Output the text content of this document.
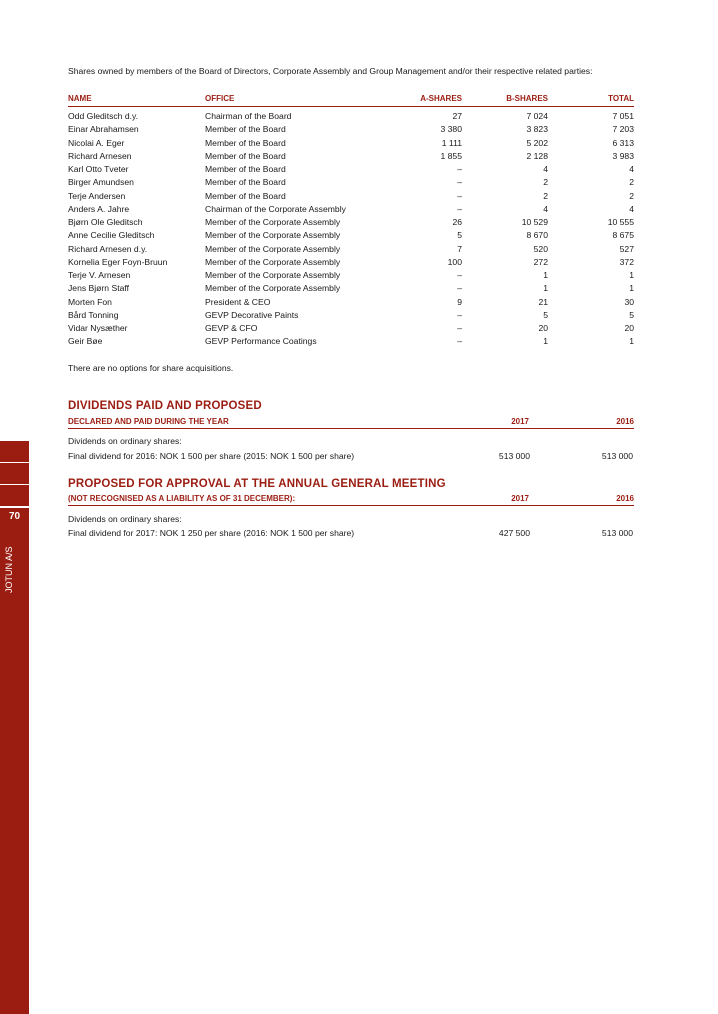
70
JOTUN A/S
Shares owned by members of the Board of Directors, Corporate Assembly and Group Management and/or their respective related parties:
NAME	OFFICE	A-SHARES	B-SHARES	TOTAL
Odd Gleditsch d.y.	Chairman of the Board	27	7 024	7 051
Einar Abrahamsen	Member of the Board	3 380	3 823	7 203
Nicolai A. Eger	Member of the Board	1 111	5 202	6 313
Richard Arnesen	Member of the Board	1 855	2 128	3 983
Karl Otto Tveter	Member of the Board	–	4	4
Birger Amundsen	Member of the Board	–	2	2
Terje Andersen	Member of the Board	–	2	2
Anders A. Jahre	Chairman of the Corporate Assembly	–	4	4
Bjørn Ole Gleditsch	Member of the Corporate Assembly	26	10 529	10 555
Anne Cecilie Gleditsch	Member of the Corporate Assembly	5	8 670	8 675
Richard Arnesen d.y.	Member of the Corporate Assembly	7	520	527
Kornelia Eger Foyn-Bruun	Member of the Corporate Assembly	100	272	372
Terje V. Arnesen	Member of the Corporate Assembly	–	1	1
Jens Bjørn Staff	Member of the Corporate Assembly	–	1	1
Morten Fon	President & CEO	9	21	30
Bård Tonning	GEVP Decorative Paints	–	5	5
Vidar Nysæther	GEVP & CFO	–	20	20
Geir Bøe	GEVP Performance Coatings	–	1	1
There are no options for share acquisitions.
DIVIDENDS PAID AND PROPOSED
DECLARED AND PAID DURING THE YEAR	2017	2016
Dividends on ordinary shares:
Final dividend for 2016: NOK 1 500 per share (2015: NOK 1 500 per share)	513 000	513 000
PROPOSED FOR APPROVAL AT THE ANNUAL GENERAL MEETING
(NOT RECOGNISED AS A LIABILITY AS OF 31 DECEMBER):	2017	2016
Dividends on ordinary shares:
Final dividend for 2017: NOK 1 250 per share (2016: NOK 1 500 per share)	427 500	513 000
